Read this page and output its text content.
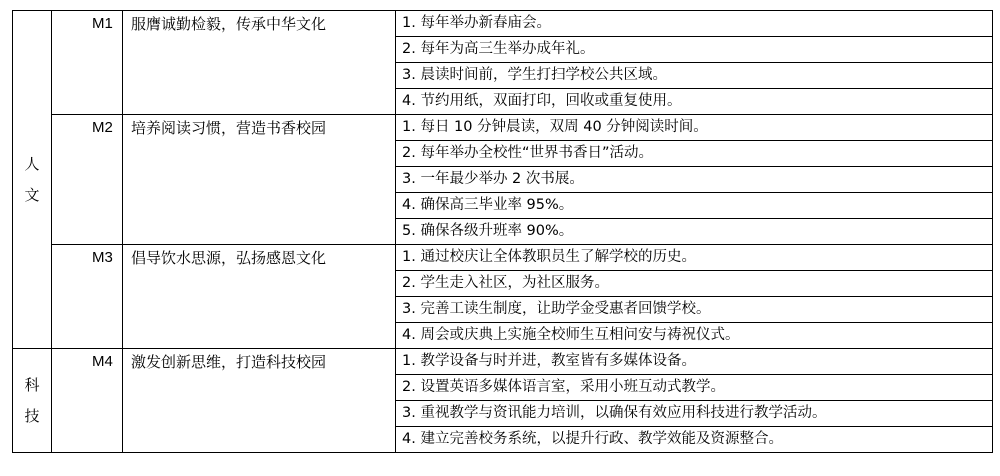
人
文	M1	服膺诚勤检毅，传承中华文化	1. 每年举办新春庙会。
			2. 每年为高三生举办成年礼。
			3. 晨读时间前，学生打扫学校公共区域。
			4. 节约用纸，双面打印，回收或重复使用。
	M2	培养阅读习惯，营造书香校园	1. 每日 10 分钟晨读，双周 40 分钟阅读时间。
			2. 每年举办全校性“世界书香日”活动。
			3. 一年最少举办 2 次书展。
			4. 确保高三毕业率 95%。
			5. 确保各级升班率 90%。
	M3	倡导饮水思源，弘扬感恩文化	1. 通过校庆让全体教职员生了解学校的历史。
			2. 学生走入社区，为社区服务。
			3. 完善工读生制度，让助学金受惠者回馈学校。
			4. 周会或庆典上实施全校师生互相问安与祷祝仪式。

科
技	M4	激发创新思维，打造科技校园	1. 教学设备与时并进，教室皆有多媒体设备。
			2. 设置英语多媒体语言室，采用小班互动式教学。
			3. 重视教学与资讯能力培训，以确保有效应用科技进行教学活动。
			4. 建立完善校务系统，以提升行政、教学效能及资源整合。
